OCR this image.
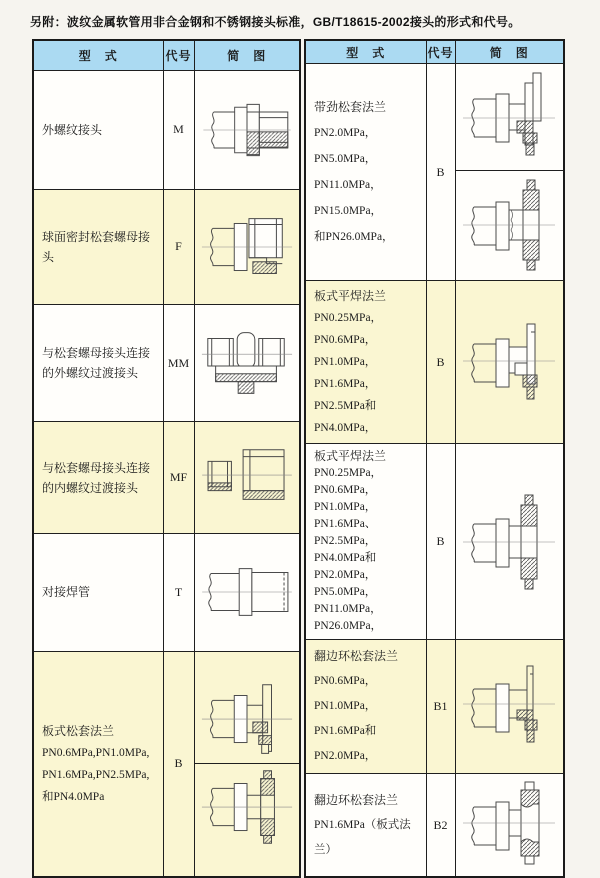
另附：波纹金属软管用非合金钢和不锈钢接头标准，GB/T18615-2002接头的形式和代号。
型　式	代号	简　图
外螺纹接头	M	

球面密封松套螺母接头	F	

与松套螺母接头连接的外螺纹过渡接头	MM	

与松套螺母接头连接的内螺纹过渡接头	MF	

对接焊管	T	

板式松套法兰
PN0.6MPa,PN1.0MPa,
PN1.6MPa,PN2.5MPa,
和PN4.0MPa	B	
型　式	代号	简　图

带劲松套法兰
PN2.0MPa，PN5.0MPa，
PN11.0MPa，PN15.0MPa，
和PN26.0MPa，	B	

板式平焊法兰
PN0.25MPa，PN0.6MPa，
PN1.0MPa，PN1.6MPa，
PN2.5MPa和PN4.0MPa，	B	

板式平焊法兰
PN0.25MPa，PN0.6MPa，
PN1.0MPa，PN1.6MPa、
PN2.5MPa，PN4.0MPa和
PN2.0MPa，PN5.0MPa，
PN11.0MPa，PN26.0MPa，
	B	

翻边环松套法兰
PN0.6MPa，PN1.0MPa，
PN1.6MPa和PN2.0MPa，	B1	

翻边环松套法兰
PN1.6MPa（板式法兰）	B2	
